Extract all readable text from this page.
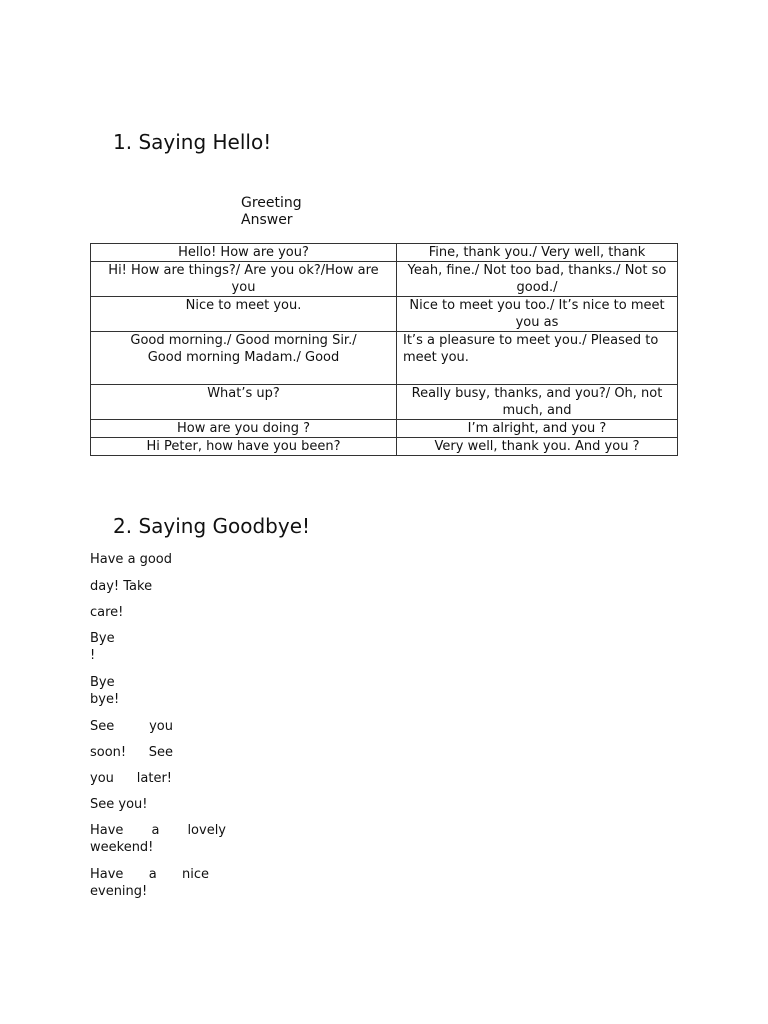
1. Saying Hello!
Greeting
Answer
Hello! How are you?	Fine, thank you./ Very well, thank

Hi! How are things?/ Are you ok?/How are you	Yeah, fine./ Not too bad, thanks./ Not so good./

Nice to meet you.	Nice to meet you too./ It’s nice to meet you as

Good morning./ Good morning Sir./ Good morning Madam./ Good	It’s a pleasure to meet you./ Pleased to meet you.

What’s up?	Really busy, thanks, and you?/ Oh, not much, and

How are you doing ?	I’m alright, and you ?

Hi Peter, how have you been?	Very well, thank you. And you ?
2. Saying Goodbye!
Have a good
day! Take
care!
Bye
!
Bye
bye!
See	you
soon! See
you later!
See you!
Have a lovely
weekend!
Have a nice
evening!
